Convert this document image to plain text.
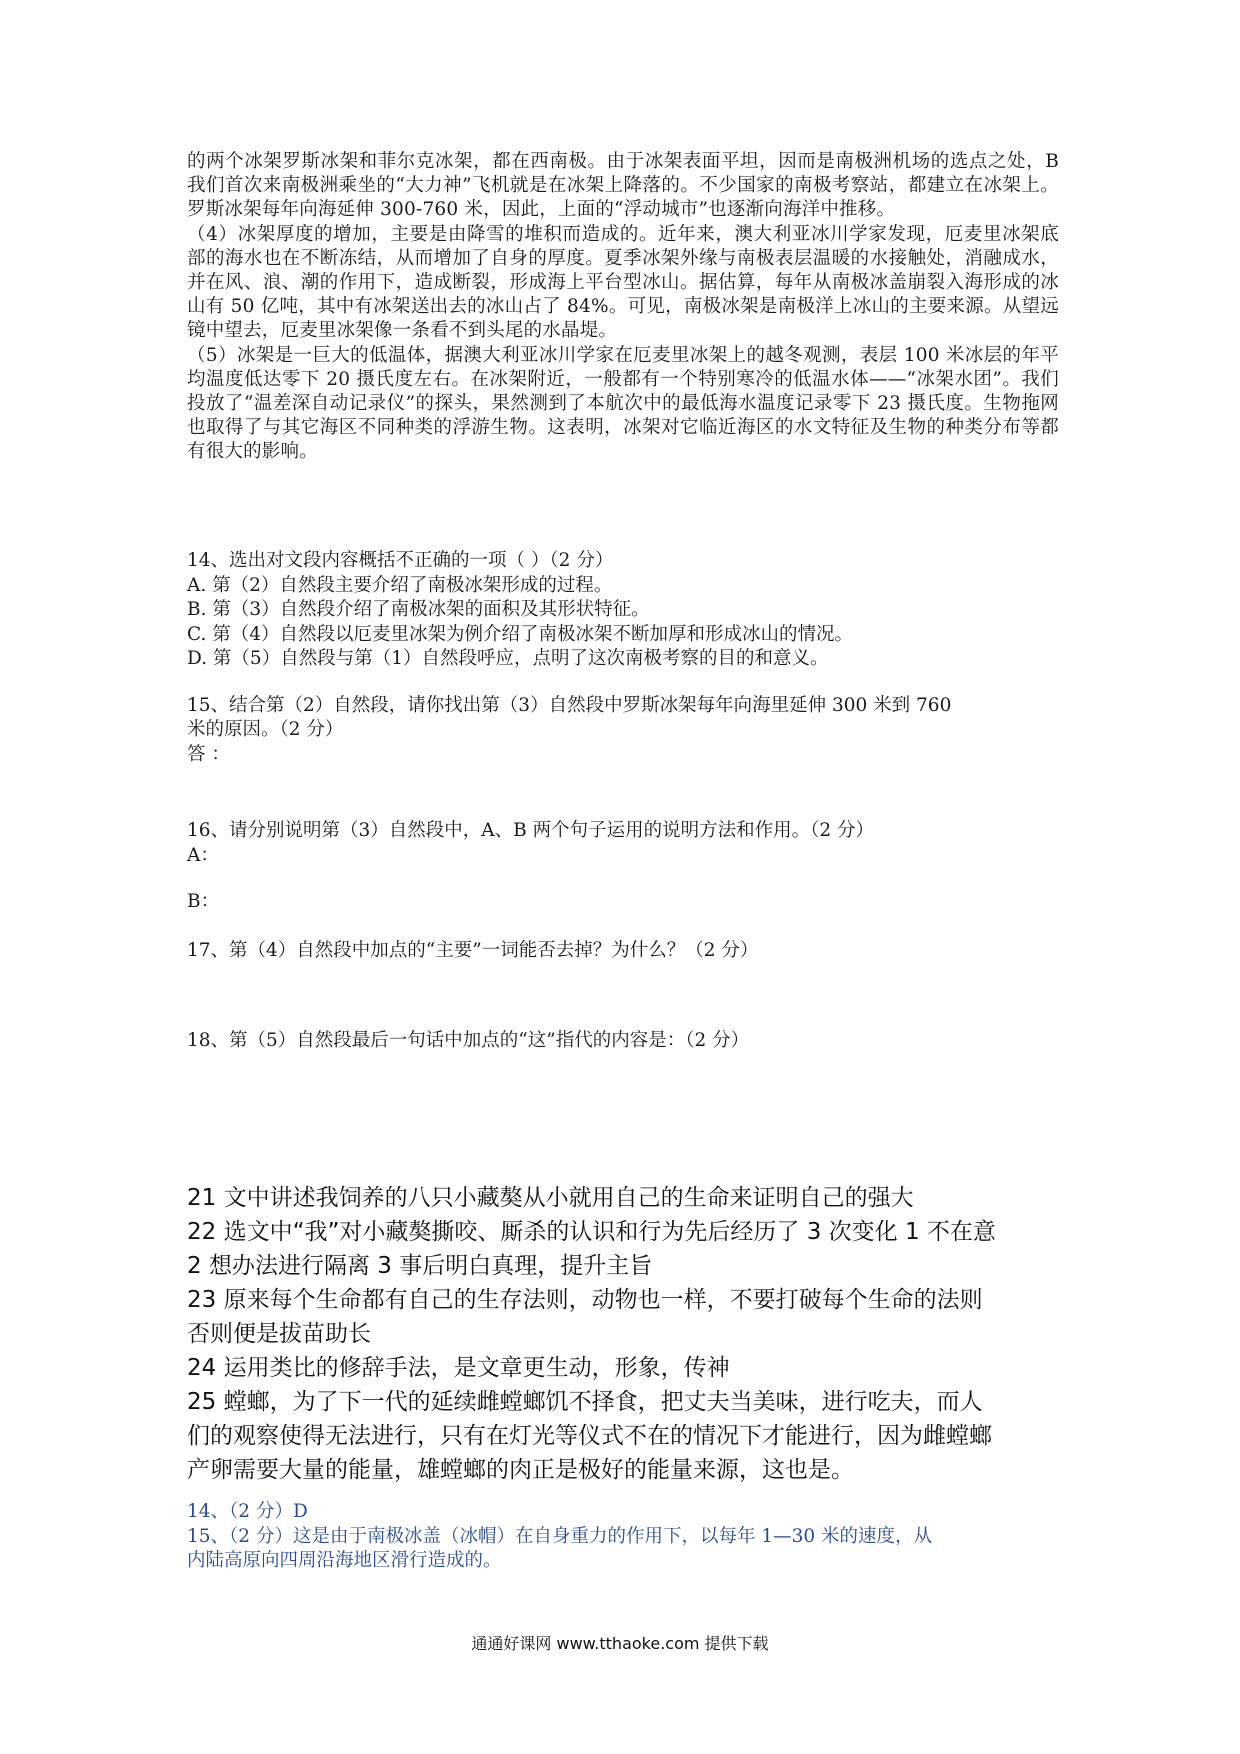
的两个冰架罗斯冰架和菲尔克冰架，都在西南极。由于冰架表面平坦，因而是南极洲机场的选点之处，B 我们首次来南极洲乘坐的“大力神”飞机就是在冰架上降落的。不少国家的南极考察站，都建立在冰架上。罗斯冰架每年向海延伸 300-760 米，因此，上面的“浮动城市”也逐渐向海洋中推移。

（4）冰架厚度的增加，主要是由降雪的堆积而造成的。近年来，澳大利亚冰川学家发现，厄麦里冰架底部的海水也在不断冻结，从而增加了自身的厚度。夏季冰架外缘与南极表层温暖的水接触处，消融成水，并在风、浪、潮的作用下，造成断裂，形成海上平台型冰山。据估算，每年从南极冰盖崩裂入海形成的冰山有 50 亿吨，其中有冰架送出去的冰山占了 84%。可见，南极冰架是南极洋上冰山的主要来源。从望远镜中望去，厄麦里冰架像一条看不到头尾的水晶堤。

（5）冰架是一巨大的低温体，据澳大利亚冰川学家在厄麦里冰架上的越冬观测，表层 100 米冰层的年平均温度低达零下 20 摄氏度左右。在冰架附近，一般都有一个特别寒冷的低温水体——“冰架水团”。我们投放了“温差深自动记录仪”的探头，果然测到了本航次中的最低海水温度记录零下 23 摄氏度。生物拖网也取得了与其它海区不同种类的浮游生物。这表明，冰架对它临近海区的水文特征及生物的种类分布等都有很大的影响。

14、选出对文段内容概括不正确的一项（ ）（2 分）

A. 第（2）自然段主要介绍了南极冰架形成的过程。

B. 第（3）自然段介绍了南极冰架的面积及其形状特征。

C. 第（4）自然段以厄麦里冰架为例介绍了南极冰架不断加厚和形成冰山的情况。

D. 第（5）自然段与第（1）自然段呼应，点明了这次南极考察的目的和意义。

15、结合第（2）自然段，请你找出第（3）自然段中罗斯冰架每年向海里延伸 300 米到 760

米的原因。（2 分）

答 ：

16、请分别说明第（3）自然段中，A、B 两个句子运用的说明方法和作用。（2 分）

A：

B：

17、第（4）自然段中加点的“主要”一词能否去掉？为什么？（2 分）

18、第（5）自然段最后一句话中加点的“这”指代的内容是：（2 分）

21 文中讲述我饲养的八只小藏獒从小就用自己的生命来证明自己的强大

22 选文中“我”对小藏獒撕咬、厮杀的认识和行为先后经历了 3 次变化 1 不在意

2 想办法进行隔离 3 事后明白真理，提升主旨

23 原来每个生命都有自己的生存法则，动物也一样，不要打破每个生命的法则

否则便是拔苗助长

24 运用类比的修辞手法，是文章更生动，形象，传神

25 螳螂，为了下一代的延续雌螳螂饥不择食，把丈夫当美味，进行吃夫，而人

们的观察使得无法进行，只有在灯光等仪式不在的情况下才能进行，因为雌螳螂

产卵需要大量的能量，雄螳螂的肉正是极好的能量来源，这也是。

14、（2 分）D

15、（2 分）这是由于南极冰盖（冰帽）在自身重力的作用下，以每年 1—30 米的速度，从

内陆高原向四周沿海地区滑行造成的。

通通好课网 www.tthaoke.com 提供下载
